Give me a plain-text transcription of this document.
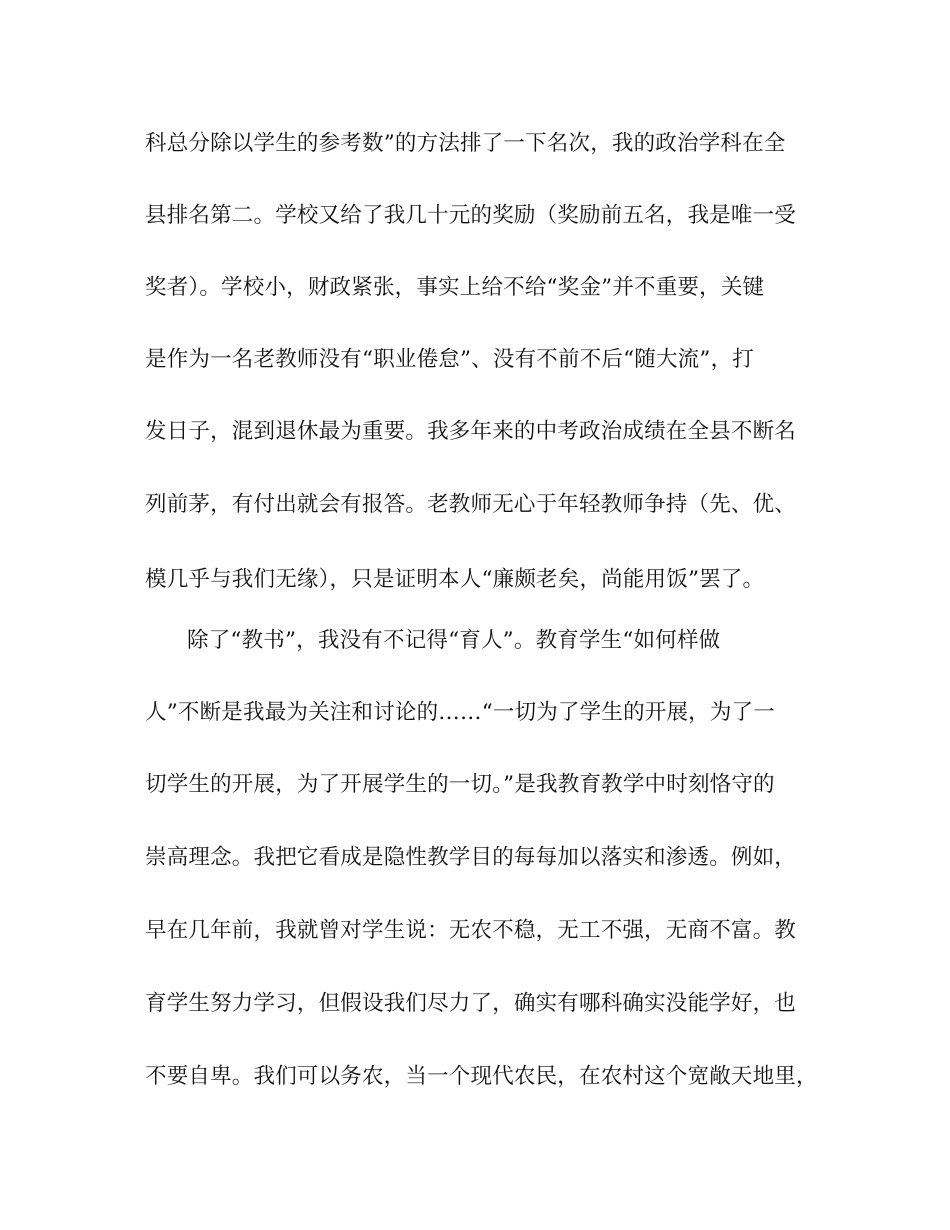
科总分除以学生的参考数”的方法排了一下名次，我的政治学科在全
县排名第二。学校又给了我几十元的奖励（奖励前五名，我是唯一受
奖者）。学校小，财政紧张，事实上给不给“奖金”并不重要，关键
是作为一名老教师没有“职业倦怠”、没有不前不后“随大流”，打
发日子，混到退休最为重要。我多年来的中考政治成绩在全县不断名
列前茅，有付出就会有报答。老教师无心于年轻教师争持（先、优、
模几乎与我们无缘），只是证明本人“廉颇老矣，尚能用饭”罢了。
除了“教书”，我没有不记得“育人”。教育学生“如何样做
人”不断是我最为关注和讨论的……“一切为了学生的开展，为了一
切学生的开展，为了开展学生的一切。”是我教育教学中时刻恪守的
崇高理念。我把它看成是隐性教学目的每每加以落实和渗透。例如，
早在几年前，我就曾对学生说：无农不稳，无工不强，无商不富。教
育学生努力学习，但假设我们尽力了，确实有哪科确实没能学好，也
不要自卑。我们可以务农，当一个现代农民，在农村这个宽敞天地里，
